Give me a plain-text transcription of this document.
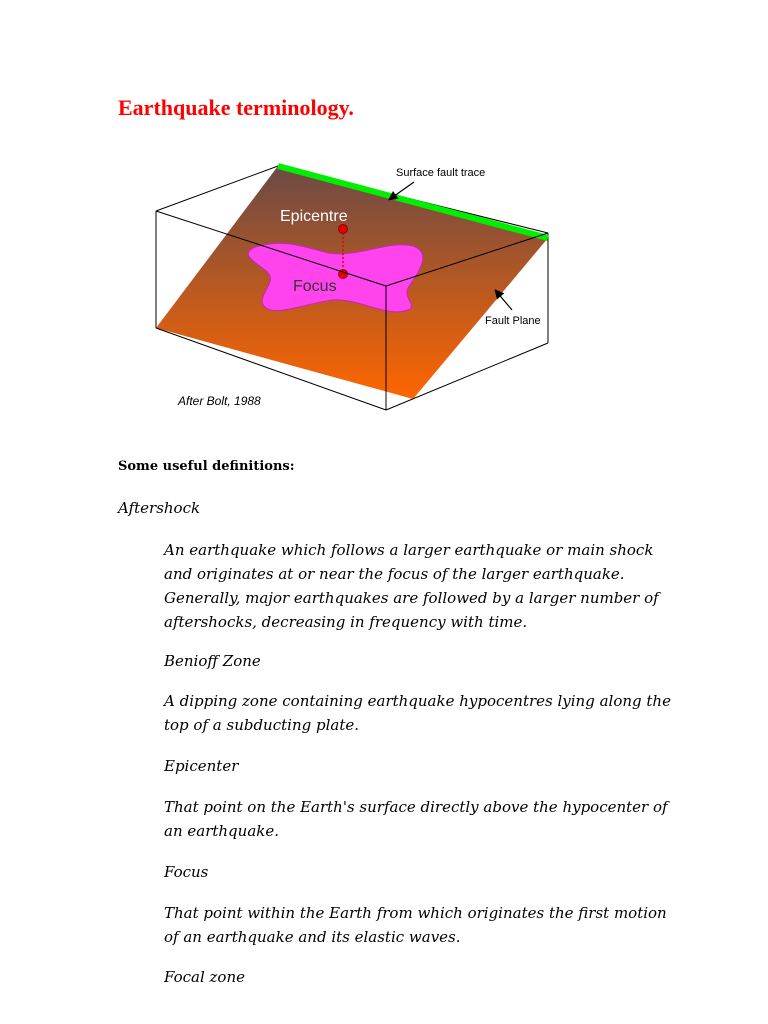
Earthquake terminology.
Epicentre
Focus
Surface fault trace
Fault Plane
After Bolt, 1988

Some useful definitions:

Aftershock

An earthquake which follows a larger earthquake or main shock
and originates at or near the focus of the larger earthquake.
Generally, major earthquakes are followed by a larger number of
aftershocks, decreasing in frequency with time.

Benioff Zone

A dipping zone containing earthquake hypocentres lying along the
top of a subducting plate.

Epicenter

That point on the Earth's surface directly above the hypocenter of
an earthquake.

Focus

That point within the Earth from which originates the first motion
of an earthquake and its elastic waves.

Focal zone
